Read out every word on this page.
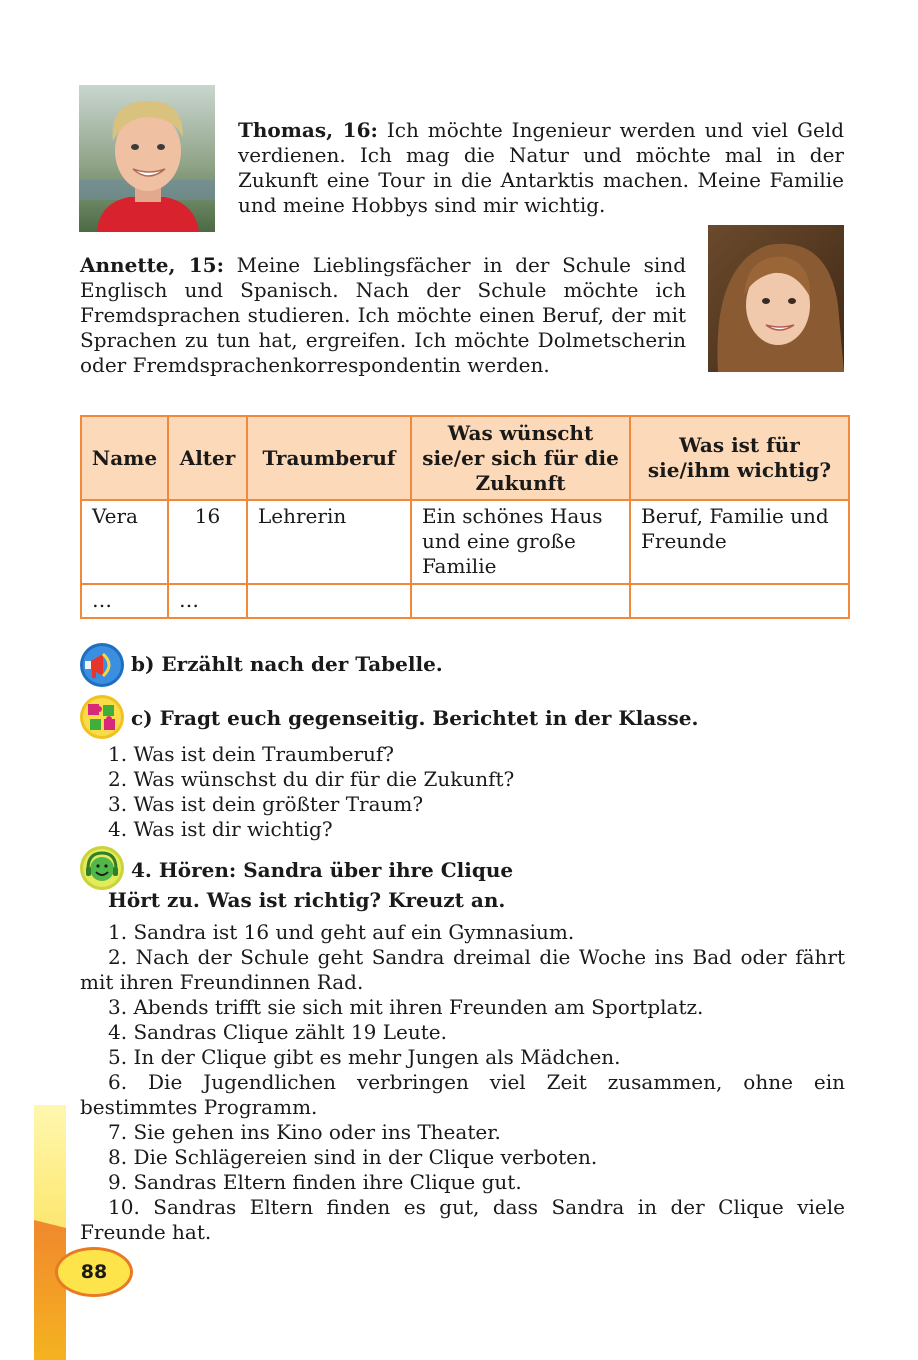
Thomas, 16: Ich möchte Ingenieur werden und viel Geld verdienen. Ich mag die Natur und möchte mal in der Zukunft eine Tour in die Antarktis machen. Meine Familie und meine Hobbys sind mir wichtig.

Annette, 15: Meine Lieblingsfächer in der Schule sind Englisch und Spanisch. Nach der Schule möchte ich Fremdsprachen studieren. Ich möchte einen Beruf, der mit Sprachen zu tun hat, ergreifen. Ich möchte Dolmetscherin oder Fremdsprachenkorrespondentin werden.

Name	Alter	Traumberuf	Was wünscht sie/er sich für die Zukunft	Was ist für sie/ihm wichtig?
Vera	16	Lehrerin	Ein schönes Haus und eine große Familie	Beruf, Familie und Freunde
…	…			
b) Erzählt nach der Tabelle.
c) Fragt euch gegenseitig. Berichtet in der Klasse.
1. Was ist dein Traumberuf?
2. Was wünschst du dir für die Zukunft?
3. Was ist dein größter Traum?
4. Was ist dir wichtig?
4. Hören: Sandra über ihre Clique
Hört zu. Was ist richtig? Kreuzt an.
1. Sandra ist 16 und geht auf ein Gymnasium.
2. Nach der Schule geht Sandra dreimal die Woche ins Bad oder fährt mit ihren Freundinnen Rad.
3. Abends trifft sie sich mit ihren Freunden am Sportplatz.
4. Sandras Clique zählt 19 Leute.
5. In der Clique gibt es mehr Jungen als Mädchen.
6. Die Jugendlichen verbringen viel Zeit zusammen, ohne ein bestimmtes Programm.
7. Sie gehen ins Kino oder ins Theater.
8. Die Schlägereien sind in der Clique verboten.
9. Sandras Eltern finden ihre Clique gut.
10. Sandras Eltern finden es gut, dass Sandra in der Clique viele Freunde hat.
88
